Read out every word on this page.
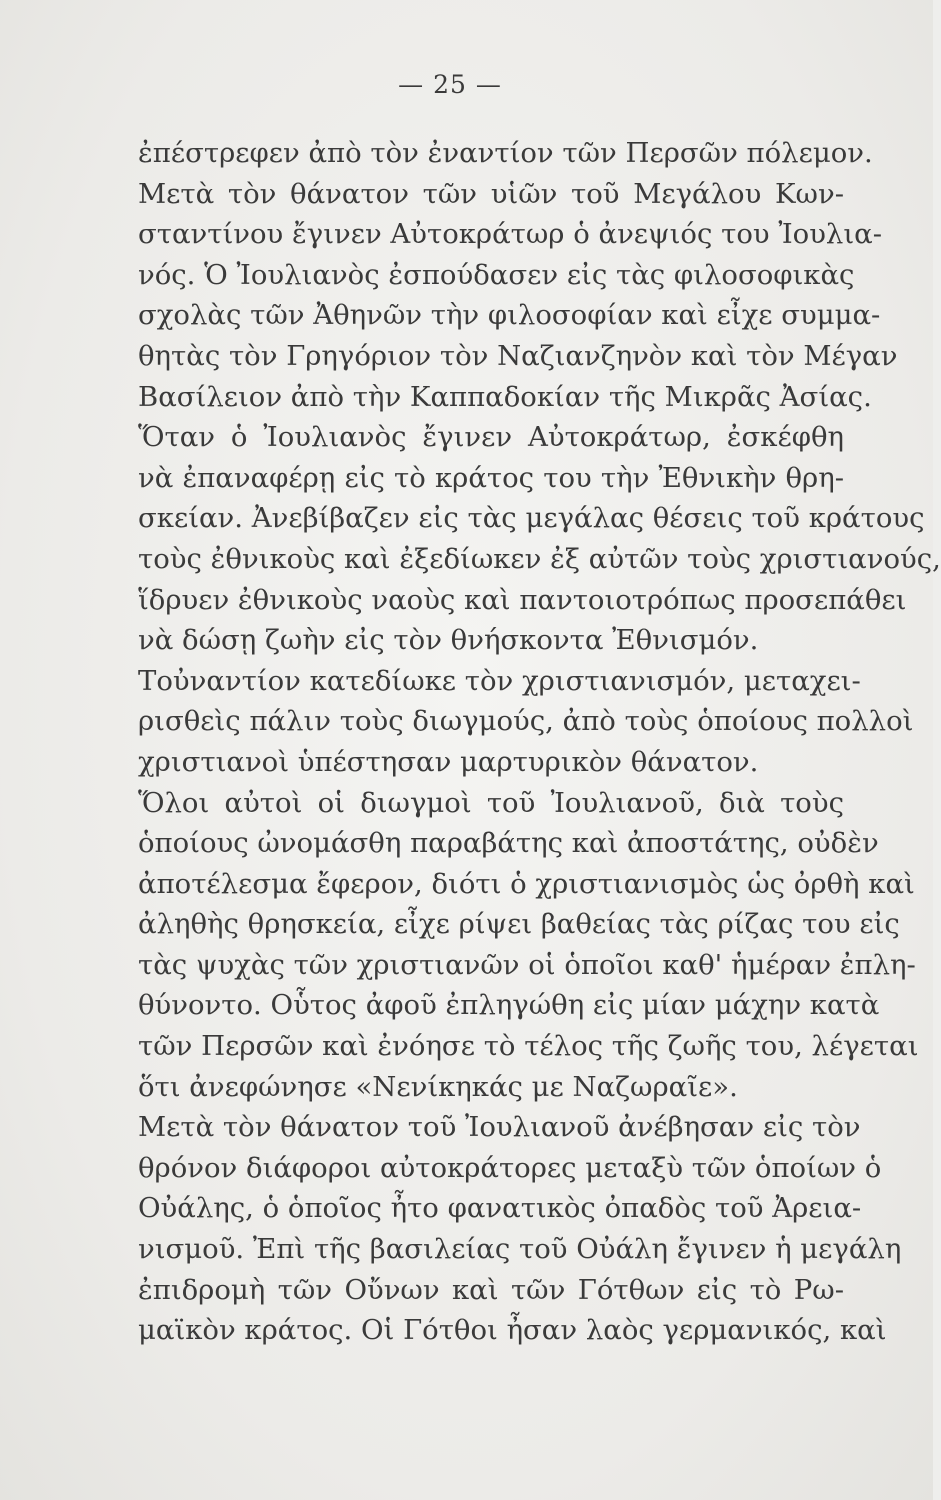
— 25 —
ἐπέστρεφεν ἀπὸ τὸν ἐναντίον τῶν Περσῶν πόλεμον.
Μετὰ τὸν θάνατον τῶν υἱῶν τοῦ Μεγάλου Κων-
σταντίνου ἔγινεν Αὐτοκράτωρ ὁ ἀνεψιός του Ἰουλια-
νός. Ὁ Ἰουλιανὸς ἐσπούδασεν εἰς τὰς φιλοσοφικὰς
σχολὰς τῶν Ἀθηνῶν τὴν φιλοσοφίαν καὶ εἶχε συμμα-
θητὰς τὸν Γρηγόριον τὸν Ναζιανζηνὸν καὶ τὸν Μέγαν
Βασίλειον ἀπὸ τὴν Καππαδοκίαν τῆς Μικρᾶς Ἀσίας.
Ὅταν ὁ Ἰουλιανὸς ἔγινεν Αὐτοκράτωρ, ἐσκέφθη
νὰ ἐπαναφέρῃ εἰς τὸ κράτος του τὴν Ἐθνικὴν θρη-
σκείαν. Ἀνεβίβαζεν εἰς τὰς μεγάλας θέσεις τοῦ κράτους
τοὺς ἐθνικοὺς καὶ ἐξεδίωκεν ἐξ αὐτῶν τοὺς χριστιανούς,
ἵδρυεν ἐθνικοὺς ναοὺς καὶ παντοιοτρόπως προσεπάθει
νὰ δώσῃ ζωὴν εἰς τὸν θνήσκοντα Ἐθνισμόν.
Τοὐναντίον κατεδίωκε τὸν χριστιανισμόν, μεταχει-
ρισθεὶς πάλιν τοὺς διωγμούς, ἀπὸ τοὺς ὁποίους πολλοὶ
χριστιανοὶ ὑπέστησαν μαρτυρικὸν θάνατον.
Ὅλοι αὐτοὶ οἱ διωγμοὶ τοῦ Ἰουλιανοῦ, διὰ τοὺς
ὁποίους ὠνομάσθη παραβάτης καὶ ἀποστάτης, οὐδὲν
ἀποτέλεσμα ἔφερον, διότι ὁ χριστιανισμὸς ὡς ὀρθὴ καὶ
ἀληθὴς θρησκεία, εἶχε ρίψει βαθείας τὰς ρίζας του εἰς
τὰς ψυχὰς τῶν χριστιανῶν οἱ ὁποῖοι καθ' ἡμέραν ἐπλη-
θύνοντο. Οὗτος ἀφοῦ ἐπληγώθη εἰς μίαν μάχην κατὰ
τῶν Περσῶν καὶ ἐνόησε τὸ τέλος τῆς ζωῆς του, λέγεται
ὅτι ἀνεφώνησε «Νενίκηκάς με Ναζωραῖε».
Μετὰ τὸν θάνατον τοῦ Ἰουλιανοῦ ἀνέβησαν εἰς τὸν
θρόνον διάφοροι αὐτοκράτορες μεταξὺ τῶν ὁποίων ὁ
Οὐάλης, ὁ ὁποῖος ἦτο φανατικὸς ὀπαδὸς τοῦ Ἀρεια-
νισμοῦ. Ἐπὶ τῆς βασιλείας τοῦ Οὐάλη ἔγινεν ἡ μεγάλη
ἐπιδρομὴ τῶν Οὔνων καὶ τῶν Γότθων εἰς τὸ Ρω-
μαϊκὸν κράτος. Οἱ Γότθοι ἦσαν λαὸς γερμανικός, καὶ
